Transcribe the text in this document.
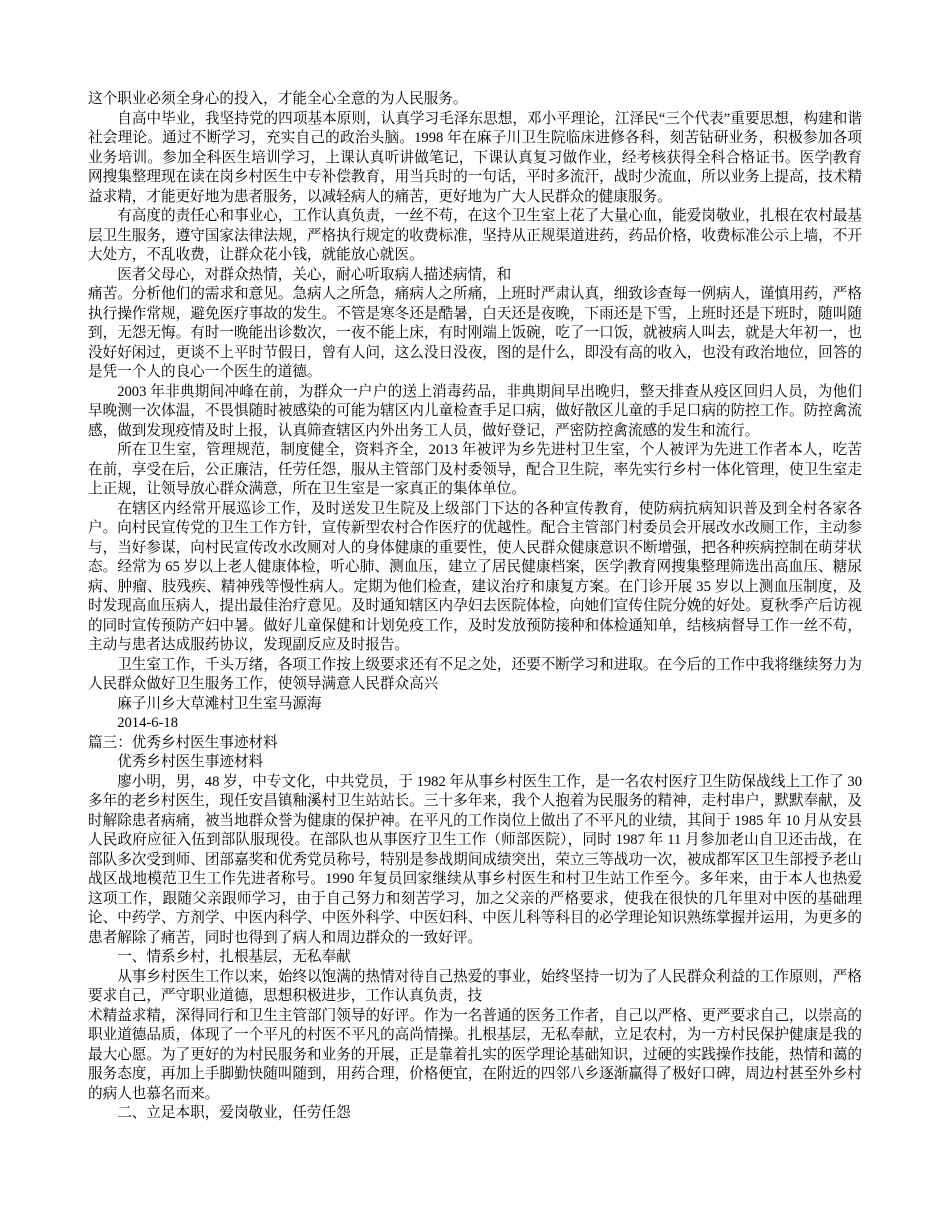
这个职业必须全身心的投入，才能全心全意的为人民服务。

自高中毕业，我坚持党的四项基本原则，认真学习毛泽东思想，邓小平理论，江泽民“三个代表”重要思想，构建和谐社会理论。通过不断学习，充实自己的政治头脑。1998 年在麻子川卫生院临床进修各科，刻苦钻研业务，积极参加各项业务培训。参加全科医生培训学习，上课认真听讲做笔记，下课认真复习做作业，经考核获得全科合格证书。医学|教育网搜集整理现在读在岗乡村医生中专补偿教育，用当兵时的一句话，平时多流汗，战时少流血，所以业务上提高，技术精益求精，才能更好地为患者服务，以减轻病人的痛苦，更好地为广大人民群众的健康服务。

有高度的责任心和事业心，工作认真负责，一丝不苟，在这个卫生室上花了大量心血，能爱岗敬业，扎根在农村最基层卫生服务，遵守国家法律法规，严格执行规定的收费标准，坚持从正规渠道进药，药品价格，收费标准公示上墙，不开大处方，不乱收费，让群众花小钱，就能放心就医。

医者父母心，对群众热情，关心，耐心听取病人描述病情，和

痛苦。分析他们的需求和意见。急病人之所急，痛病人之所痛，上班时严肃认真，细致诊查每一例病人，谨慎用药，严格执行操作常规，避免医疗事故的发生。不管是寒冬还是酷暑，白天还是夜晚，下雨还是下雪，上班时还是下班时，随叫随到，无怨无悔。有时一晚能出诊数次，一夜不能上床，有时刚端上饭碗，吃了一口饭，就被病人叫去，就是大年初一，也没好好闲过，更谈不上平时节假日，曾有人问，这么没日没夜，图的是什么，即没有高的收入，也没有政治地位，回答的是凭一个人的良心一个医生的道德。

2003 年非典期间冲峰在前，为群众一户户的送上消毒药品，非典期间早出晚归，整天排查从疫区回归人员，为他们早晚测一次体温，不畏惧随时被感染的可能为辖区内儿童检查手足口病，做好散区儿童的手足口病的防控工作。防控禽流感，做到发现疫情及时上报，认真筛查辖区内外出务工人员，做好登记，严密防控禽流感的发生和流行。

所在卫生室，管理规范，制度健全，资料齐全，2013 年被评为乡先进村卫生室，个人被评为先进工作者本人，吃苦在前，享受在后，公正廉洁，任劳任怨，服从主管部门及村委领导，配合卫生院，率先实行乡村一体化管理，使卫生室走上正规，让领导放心群众满意，所在卫生室是一家真正的集体单位。

在辖区内经常开展巡诊工作，及时送发卫生院及上级部门下达的各种宣传教育，使防病抗病知识普及到全村各家各户。向村民宣传党的卫生工作方针，宣传新型农村合作医疗的优越性。配合主管部门村委员会开展改水改厕工作，主动参与，当好参谋，向村民宣传改水改厕对人的身体健康的重要性，使人民群众健康意识不断增强，把各种疾病控制在萌芽状态。经常为 65 岁以上老人健康体检，听心肺、测血压，建立了居民健康档案，医学|教育网搜集整理筛选出高血压、糖尿病、肿瘤、肢残疾、精神残等慢性病人。定期为他们检查，建议治疗和康复方案。在门诊开展 35 岁以上测血压制度，及时发现高血压病人，提出最佳治疗意见。及时通知辖区内孕妇去医院体检，向她们宣传住院分娩的好处。夏秋季产后访视的同时宣传预防产妇中暑。做好儿童保健和计划免疫工作，及时发放预防接种和体检通知单，结核病督导工作一丝不苟，主动与患者达成服药协议，发现副反应及时报告。

卫生室工作，千头万绪，各项工作按上级要求还有不足之处，还要不断学习和进取。在今后的工作中我将继续努力为人民群众做好卫生服务工作，使领导满意人民群众高兴

麻子川乡大草滩村卫生室马源海

2014-6-18

篇三：优秀乡村医生事迹材料

优秀乡村医生事迹材料

廖小明，男，48 岁，中专文化，中共党员，于 1982 年从事乡村医生工作，是一名农村医疗卫生防保战线上工作了 30 多年的老乡村医生，现任安昌镇釉溪村卫生站站长。三十多年来，我个人抱着为民服务的精神，走村串户，默默奉献，及时解除患者病痛，被当地群众誉为健康的保护神。在平凡的工作岗位上做出了不平凡的业绩，其间于 1985 年 10 月从安县人民政府应征入伍到部队服现役。在部队也从事医疗卫生工作（师部医院），同时 1987 年 11 月参加老山自卫还击战，在部队多次受到师、团部嘉奖和优秀党员称号，特别是参战期间成绩突出，荣立三等战功一次，被成都军区卫生部授予老山战区战地模范卫生工作先进者称号。1990 年复员回家继续从事乡村医生和村卫生站工作至今。多年来，由于本人也热爱这项工作，跟随父亲跟师学习，由于自己努力和刻苦学习，加之父亲的严格要求，使我在很快的几年里对中医的基础理论、中药学、方剂学、中医内科学、中医外科学、中医妇科、中医儿科等科目的必学理论知识熟练掌握并运用，为更多的患者解除了痛苦，同时也得到了病人和周边群众的一致好评。

一、情系乡村，扎根基层，无私奉献

从事乡村医生工作以来，始终以饱满的热情对待自己热爱的事业，始终坚持一切为了人民群众利益的工作原则，严格要求自己，严守职业道德，思想积极进步，工作认真负责，技

术精益求精，深得同行和卫生主管部门领导的好评。作为一名普通的医务工作者，自己以严格、更严要求自己，以崇高的职业道德品质，体现了一个平凡的村医不平凡的高尚情操。扎根基层，无私奉献，立足农村，为一方村民保护健康是我的最大心愿。为了更好的为村民服务和业务的开展，正是靠着扎实的医学理论基础知识，过硬的实践操作技能，热情和蔼的服务态度，再加上手脚勤快随叫随到，用药合理，价格便宜，在附近的四邻八乡逐渐赢得了极好口碑，周边村甚至外乡村的病人也慕名而来。

二、立足本职，爱岗敬业，任劳任怨
